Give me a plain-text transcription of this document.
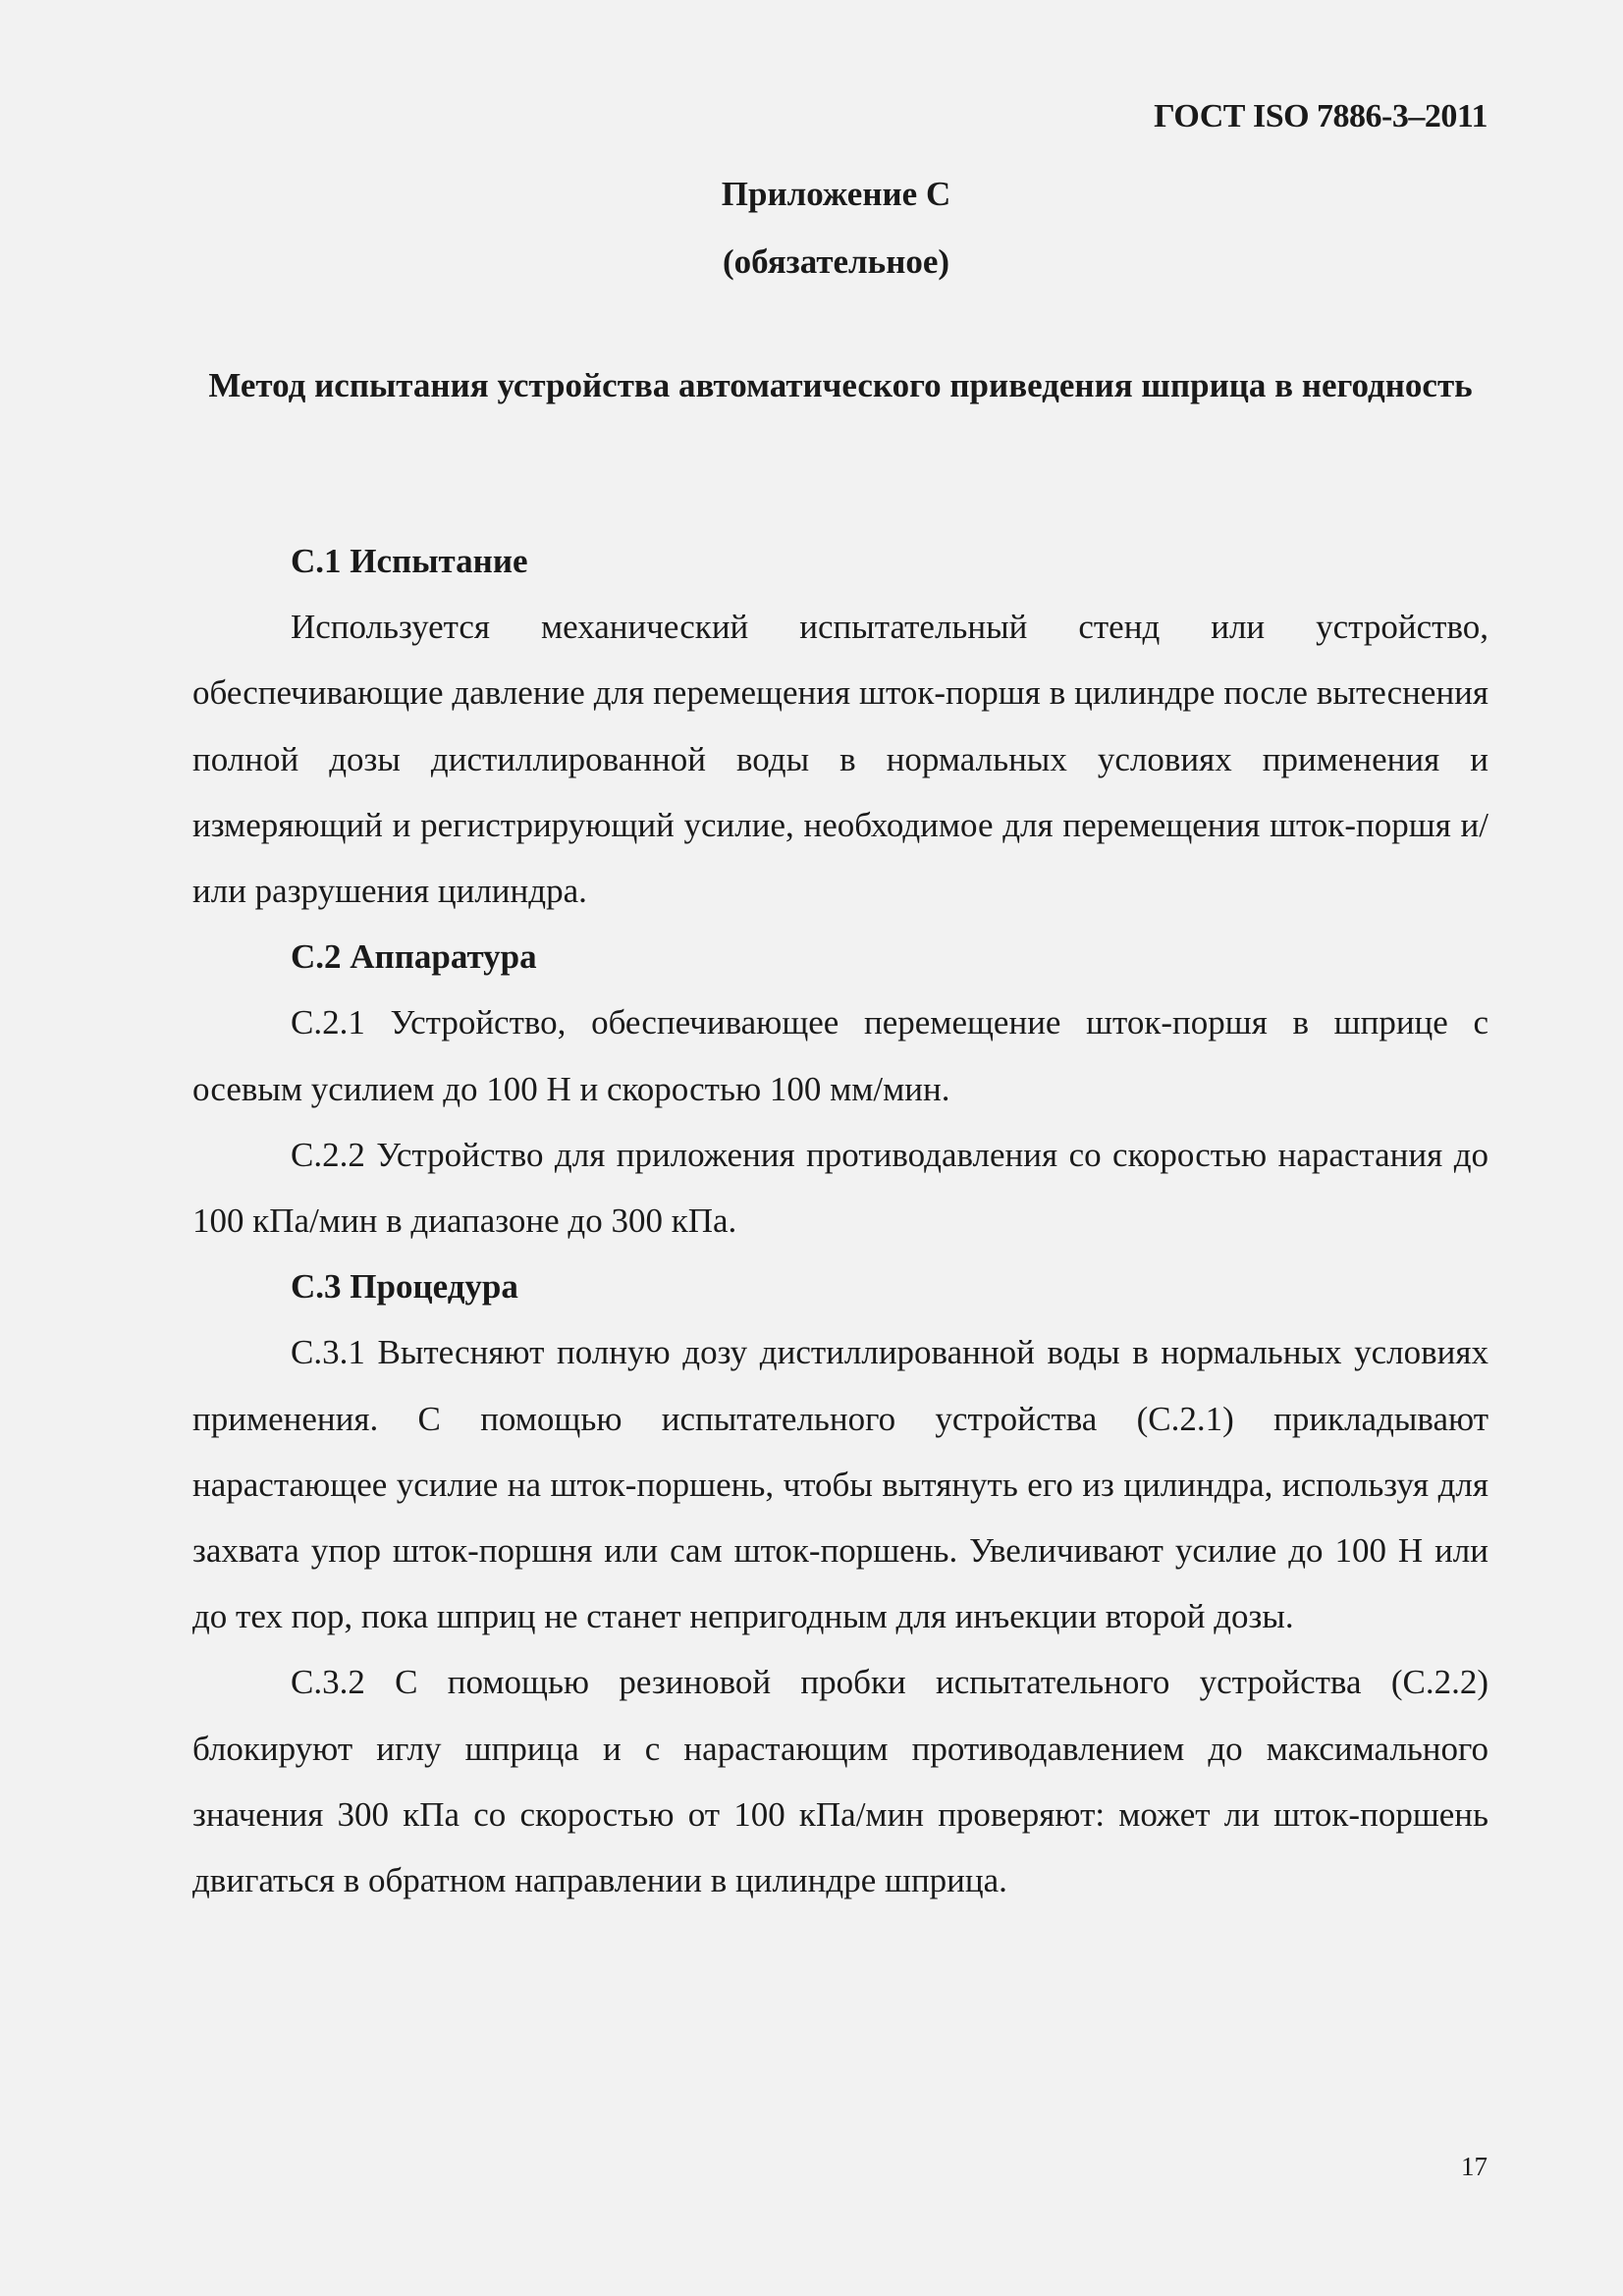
ГОСТ ISO 7886-3–2011
Приложение С
(обязательное)
Метод испытания устройства автоматического приведения шприца в негодность

С.1 Испытание

Используется механический испытательный стенд или устройство, обеспечивающие давление для перемещения шток-поршя в цилиндре после вытеснения полной дозы дистиллированной воды в нормальных условиях применения и измеряющий и регистрирующий усилие, необходимое для перемещения шток-поршя и/или разрушения цилиндра.

С.2 Аппаратура

С.2.1 Устройство, обеспечивающее перемещение шток-поршя в шприце с осевым усилием до 100 Н и скоростью 100 мм/мин.

С.2.2 Устройство для приложения противодавления со скоростью нарастания до 100 кПа/мин в диапазоне до 300 кПа.

С.3 Процедура

С.3.1 Вытесняют полную дозу дистиллированной воды в нормальных условиях применения. С помощью испытательного устройства (С.2.1) прикладывают нарастающее усилие на шток-поршень, чтобы вытянуть его из цилиндра, используя для захвата упор шток-поршня или сам шток-поршень. Увеличивают усилие до 100 Н или до тех пор, пока шприц не станет непригодным для инъекции второй дозы.

С.3.2 С помощью резиновой пробки испытательного устройства (С.2.2) блокируют иглу шприца и с нарастающим противодавлением до максимального значения 300 кПа со скоростью от 100 кПа/мин проверяют: может ли шток-поршень двигаться в обратном направлении в цилиндре шприца.

17
